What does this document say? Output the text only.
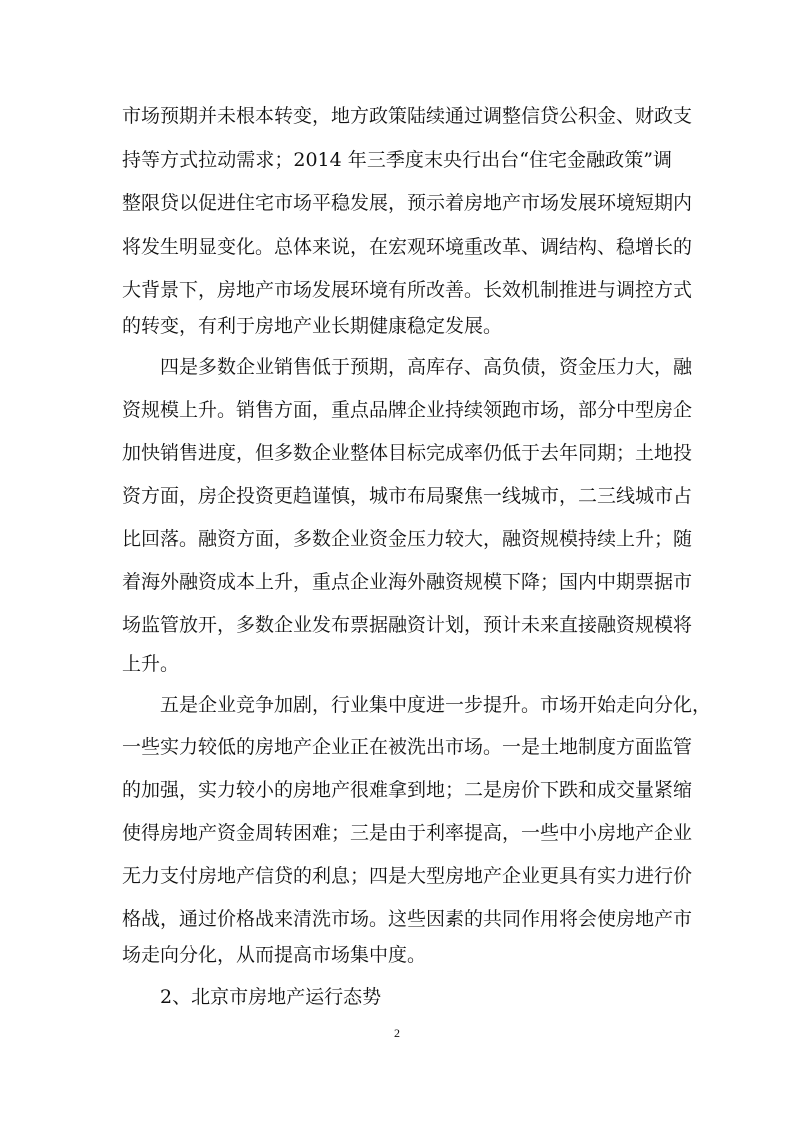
市场预期并未根本转变，地方政策陆续通过调整信贷公积金、财政支
持等方式拉动需求；2014 年三季度末央行出台“住宅金融政策”调
整限贷以促进住宅市场平稳发展，预示着房地产市场发展环境短期内
将发生明显变化。总体来说，在宏观环境重改革、调结构、稳增长的
大背景下，房地产市场发展环境有所改善。长效机制推进与调控方式
的转变，有利于房地产业长期健康稳定发展。
四是多数企业销售低于预期，高库存、高负债，资金压力大，融
资规模上升。销售方面，重点品牌企业持续领跑市场，部分中型房企
加快销售进度，但多数企业整体目标完成率仍低于去年同期；土地投
资方面，房企投资更趋谨慎，城市布局聚焦一线城市，二三线城市占
比回落。融资方面，多数企业资金压力较大，融资规模持续上升；随
着海外融资成本上升，重点企业海外融资规模下降；国内中期票据市
场监管放开，多数企业发布票据融资计划，预计未来直接融资规模将
上升。
五是企业竞争加剧，行业集中度进一步提升。市场开始走向分化，
一些实力较低的房地产企业正在被洗出市场。一是土地制度方面监管
的加强，实力较小的房地产很难拿到地；二是房价下跌和成交量紧缩
使得房地产资金周转困难；三是由于利率提高，一些中小房地产企业
无力支付房地产信贷的利息；四是大型房地产企业更具有实力进行价
格战，通过价格战来清洗市场。这些因素的共同作用将会使房地产市
场走向分化，从而提高市场集中度。
2、北京市房地产运行态势
2
